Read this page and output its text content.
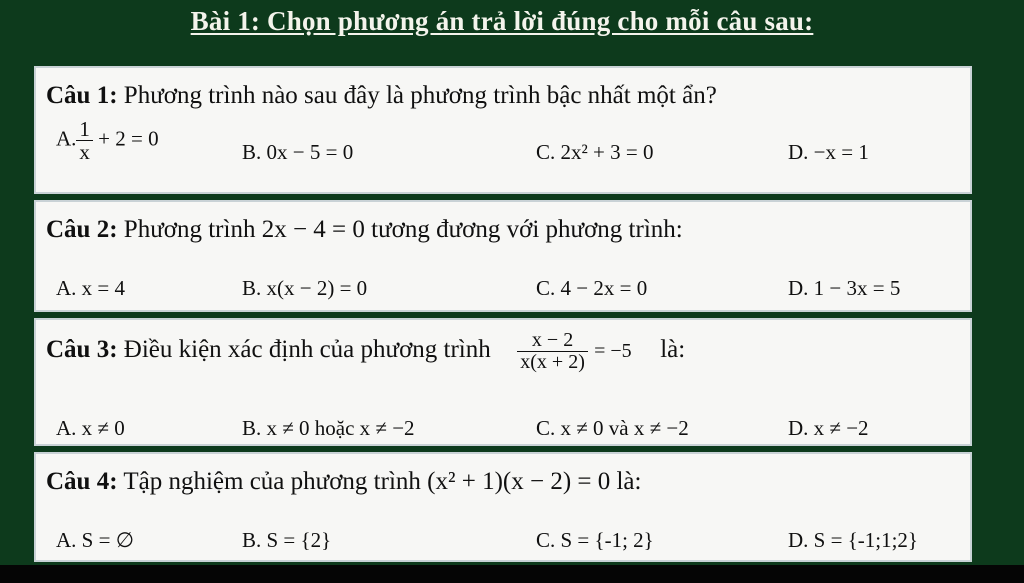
Bài 1: Chọn phương án trả lời đúng cho mỗi câu sau:
Câu 1: Phương trình nào sau đây là phương trình bậc nhất một ẩn?
A. $\frac{1}{x} + 2 = 0$
B. 0x − 5 = 0	C. 2x² + 3 = 0	D. −x = 1
Câu 2: Phương trình 2x − 4 = 0 tương đương với phương trình:
A. x = 4	B. x(x − 2) = 0	C. 4 − 2x = 0	D. 1 − 3x = 5
Câu 3: Điều kiện xác định của phương trình $\frac{x - 2}{x(x + 2)} = -5$ là:
A. x ≠ 0	B. x ≠ 0 hoặc x ≠ −2	C. x ≠ 0 và x ≠ −2	D. x ≠ −2
Câu 4: Tập nghiệm của phương trình (x² + 1)(x − 2) = 0 là:
A. S = ∅	B. S = {2}	C. S = {-1; 2}	D. S = {-1;1;2}
